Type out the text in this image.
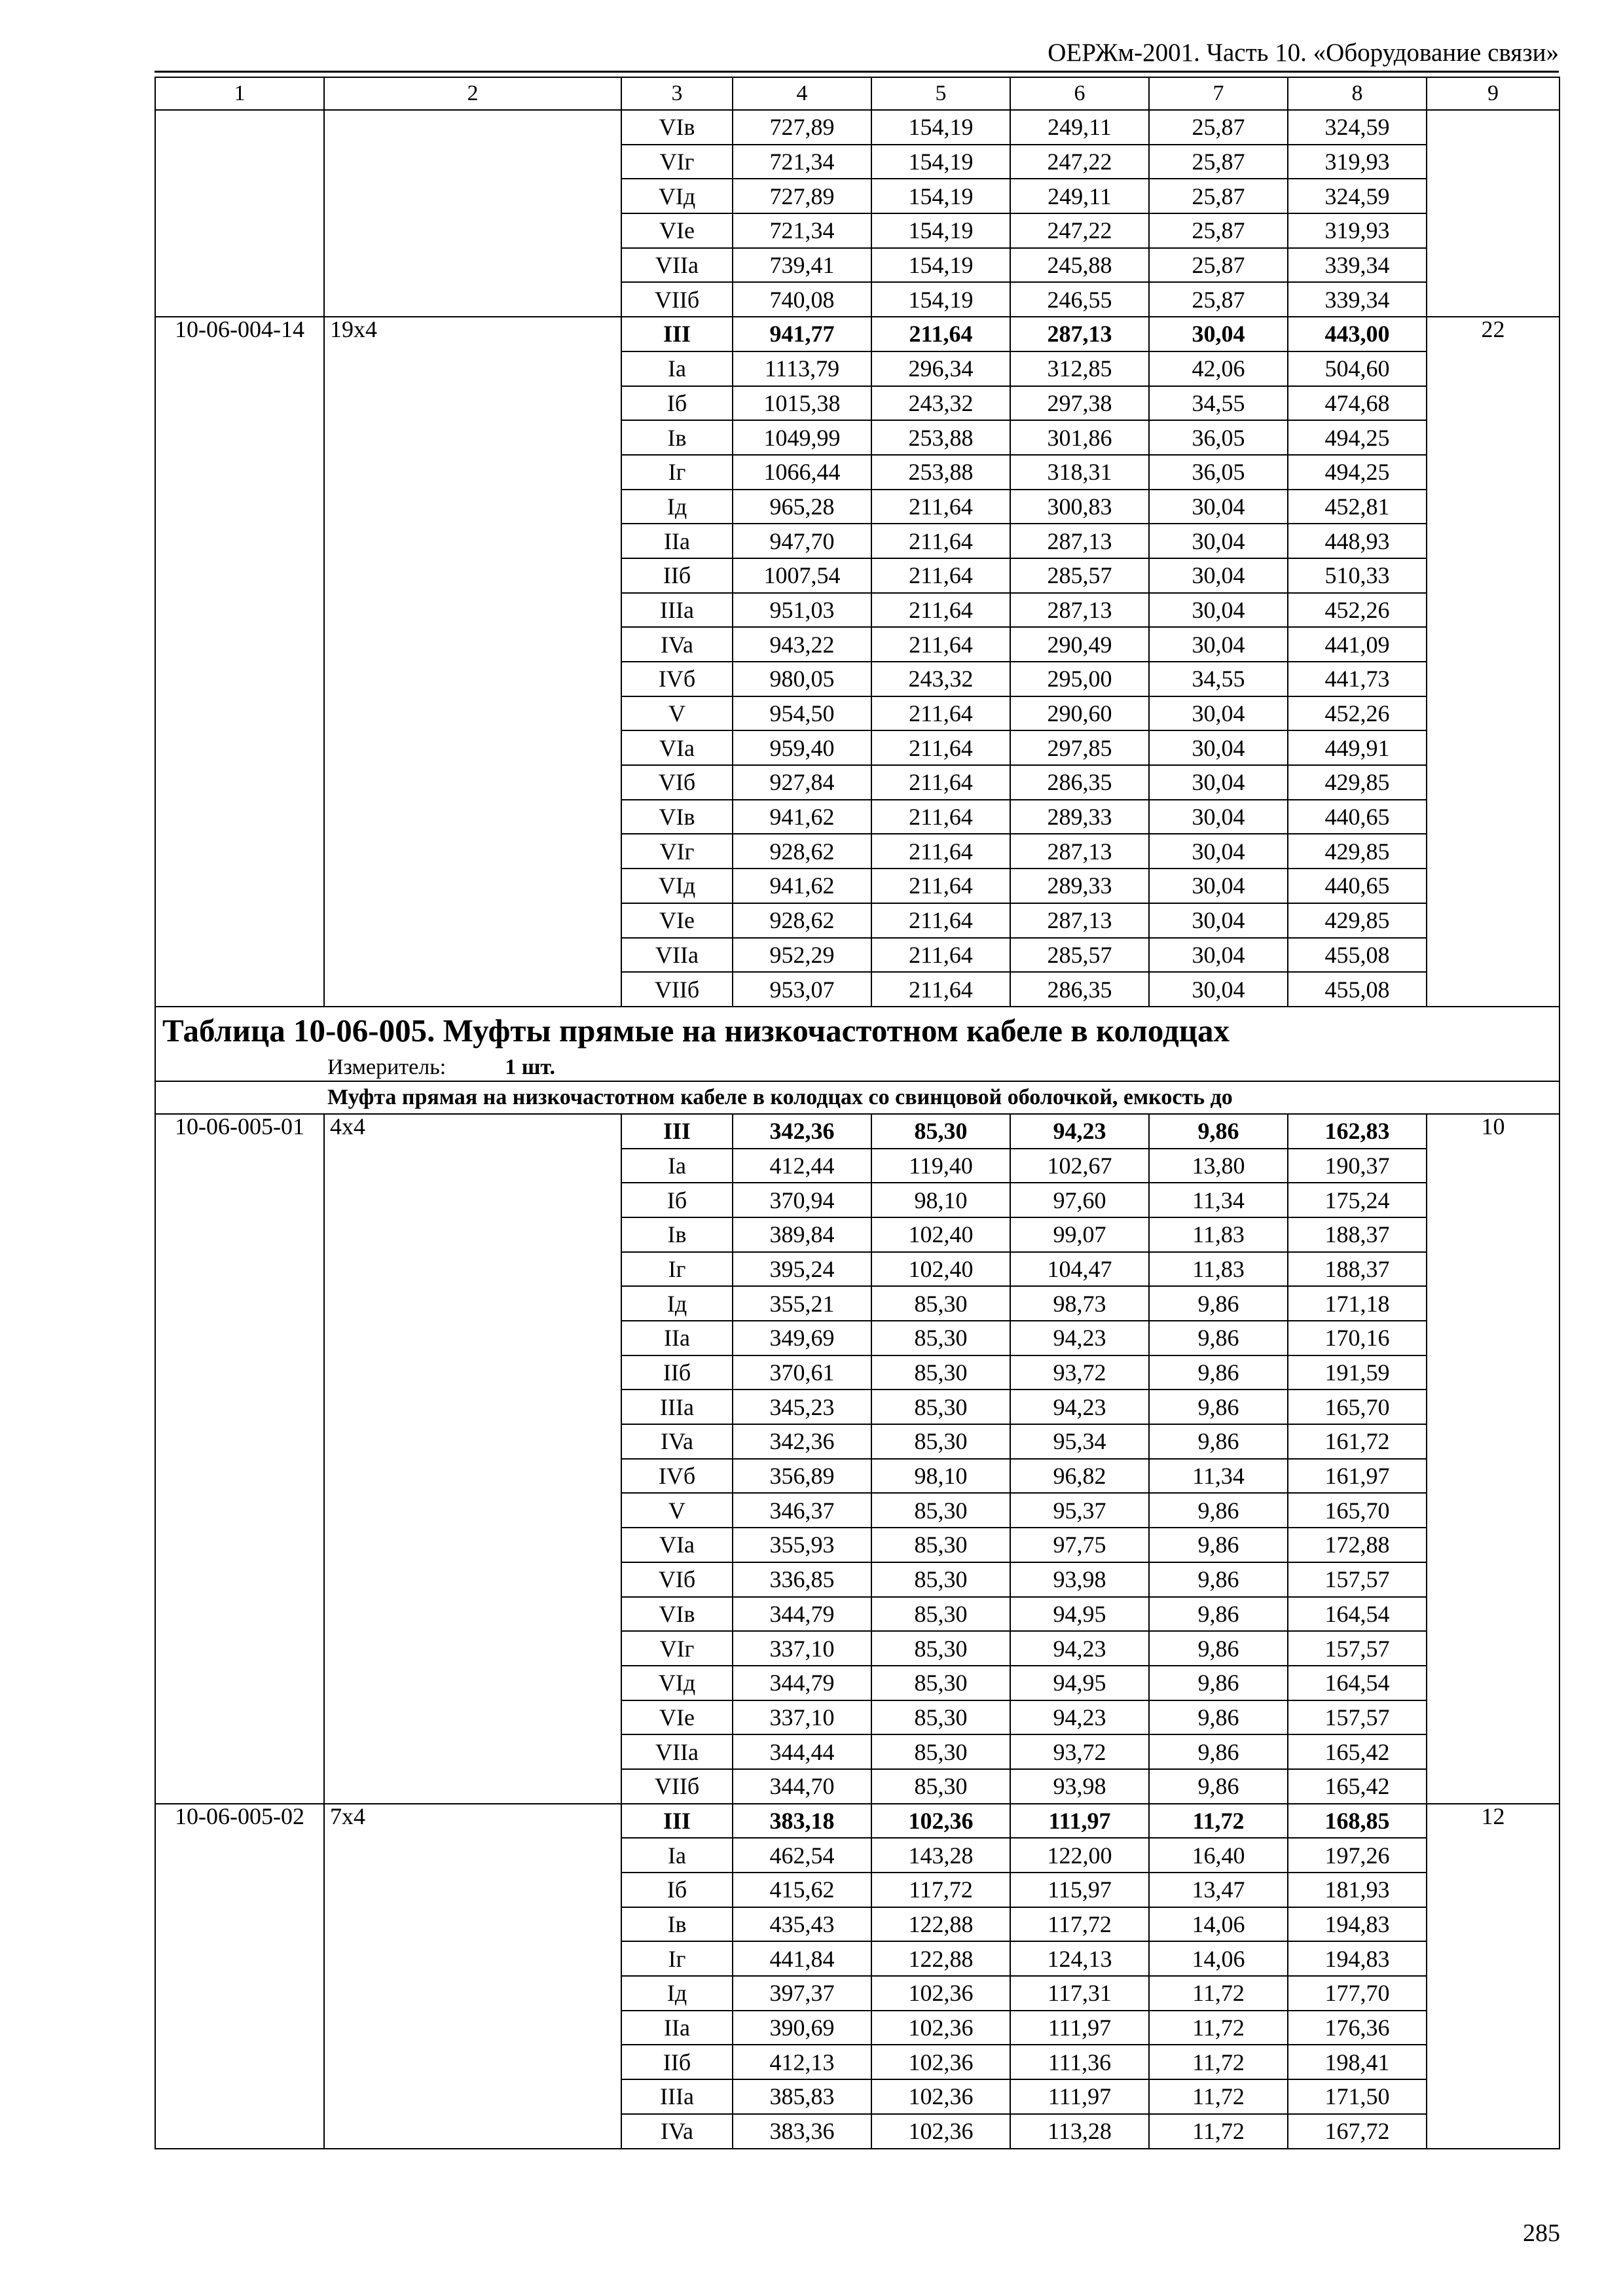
ОЕРЖм-2001. Часть 10. «Оборудование связи»
1	2	3	4	5	6	7	8	9
		VIв	727,89	154,19	249,11	25,87	324,59	
		VIг	721,34	154,19	247,22	25,87	319,93	
		VIд	727,89	154,19	249,11	25,87	324,59	
		VIe	721,34	154,19	247,22	25,87	319,93	
		VIIa	739,41	154,19	245,88	25,87	339,34	
		VIIб	740,08	154,19	246,55	25,87	339,34	
10-06-004-14	19x4	III	941,77	211,64	287,13	30,04	443,00	22
		Ia	1113,79	296,34	312,85	42,06	504,60	
		Iб	1015,38	243,32	297,38	34,55	474,68	
		Iв	1049,99	253,88	301,86	36,05	494,25	
		Iг	1066,44	253,88	318,31	36,05	494,25	
		Iд	965,28	211,64	300,83	30,04	452,81	
		IIa	947,70	211,64	287,13	30,04	448,93	
		IIб	1007,54	211,64	285,57	30,04	510,33	
		IIIa	951,03	211,64	287,13	30,04	452,26	
		IVa	943,22	211,64	290,49	30,04	441,09	
		IVб	980,05	243,32	295,00	34,55	441,73	
		V	954,50	211,64	290,60	30,04	452,26	
		VIa	959,40	211,64	297,85	30,04	449,91	
		VIб	927,84	211,64	286,35	30,04	429,85	
		VIв	941,62	211,64	289,33	30,04	440,65	
		VIг	928,62	211,64	287,13	30,04	429,85	
		VIд	941,62	211,64	289,33	30,04	440,65	
		VIe	928,62	211,64	287,13	30,04	429,85	
		VIIa	952,29	211,64	285,57	30,04	455,08	
		VIIб	953,07	211,64	286,35	30,04	455,08	
Таблица 10-06-005. Муфты прямые на низкочастотном кабеле в колодцах								
Измеритель: 1 шт.								
Муфта прямая на низкочастотном кабеле в колодцах со свинцовой оболочкой, емкость до								
10-06-005-01	4x4	III	342,36	85,30	94,23	9,86	162,83	10
		Ia	412,44	119,40	102,67	13,80	190,37	
		Iб	370,94	98,10	97,60	11,34	175,24	
		Iв	389,84	102,40	99,07	11,83	188,37	
		Iг	395,24	102,40	104,47	11,83	188,37	
		Iд	355,21	85,30	98,73	9,86	171,18	
		IIa	349,69	85,30	94,23	9,86	170,16	
		IIб	370,61	85,30	93,72	9,86	191,59	
		IIIa	345,23	85,30	94,23	9,86	165,70	
		IVa	342,36	85,30	95,34	9,86	161,72	
		IVб	356,89	98,10	96,82	11,34	161,97	
		V	346,37	85,30	95,37	9,86	165,70	
		VIa	355,93	85,30	97,75	9,86	172,88	
		VIб	336,85	85,30	93,98	9,86	157,57	
		VIв	344,79	85,30	94,95	9,86	164,54	
		VIг	337,10	85,30	94,23	9,86	157,57	
		VIд	344,79	85,30	94,95	9,86	164,54	
		VIe	337,10	85,30	94,23	9,86	157,57	
		VIIa	344,44	85,30	93,72	9,86	165,42	
		VIIб	344,70	85,30	93,98	9,86	165,42	
10-06-005-02	7x4	III	383,18	102,36	111,97	11,72	168,85	12
		Ia	462,54	143,28	122,00	16,40	197,26	
		Iб	415,62	117,72	115,97	13,47	181,93	
		Iв	435,43	122,88	117,72	14,06	194,83	
		Iг	441,84	122,88	124,13	14,06	194,83	
		Iд	397,37	102,36	117,31	11,72	177,70	
		IIa	390,69	102,36	111,97	11,72	176,36	
		IIб	412,13	102,36	111,36	11,72	198,41	
		IIIa	385,83	102,36	111,97	11,72	171,50	
		IVa	383,36	102,36	113,28	11,72	167,72	
285
